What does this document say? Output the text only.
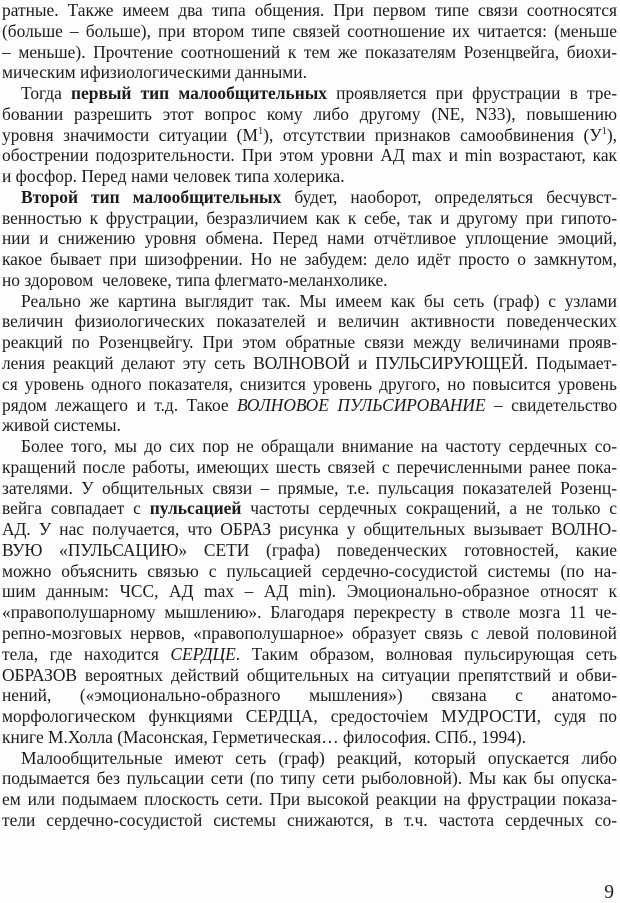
ратные. Также имеем два типа общения. При первом типе связи соотносятся
(больше – больше), при втором типе связей соотношение их читается: (меньше
– меньше). Прочтение соотношений к тем же показателям Розенцвейга, биохи-
мическим ифизиологическими данными.
Тогда первый тип малообщительных проявляется при фрустрации в тре-
бовании разрешить этот вопрос кому либо другому (NE, N33), повышению
уровня значимости ситуации $(М^1)$, отсутствии признаков самообвинения $(У^1)$,
обострении подозрительности. При этом уровни АД max и min возрастают, как
и фосфор. Перед нами человек типа холерика.
Второй тип малообщительных будет, наоборот, определяться бесчувст-
венностью к фрустрации, безразличием как к себе, так и другому при гипото-
нии и снижению уровня обмена. Перед нами отчётливое уплощение эмоций,
какое бывает при шизофрении. Но не забудем: дело идёт просто о замкнутом,
но здоровом  человеке, типа флегмато-меланхолике.
Реально же картина выглядит так. Мы имеем как бы сеть (граф) с узлами
величин физиологических показателей и величин активности поведенческих
реакций по Розенцвейгу. При этом обратные связи между величинами прояв-
ления реакций делают эту сеть ВОЛНОВОЙ и ПУЛЬСИРУЮЩЕЙ. Подымает-
ся уровень одного показателя, снизится уровень другого, но повысится уровень
рядом лежащего и т.д. Такое ВОЛНОВОЕ ПУЛЬСИРОВАНИЕ – свидетельство
живой системы.
Более того, мы до сих пор не обращали внимание на частоту сердечных со-
кращений после работы, имеющих шесть связей с перечисленными ранее пока-
зателями. У общительных связи – прямые, т.е. пульсация показателей Розенц-
вейга совпадает с пульсацией частоты сердечных сокращений, а не только с
АД. У нас получается, что ОБРАЗ рисунка у общительных вызывает ВОЛНО-
ВУЮ «ПУЛЬСАЦИЮ» СЕТИ (графа) поведенческих готовностей, какие
можно объяснить связью с пульсацией сердечно-сосудистой системы (по на-
шим данным: ЧСС, АД max – АД min). Эмоционально-образное относят к
«правополушарному мышлению». Благодаря перекресту в стволе мозга 11 че-
репно-мозговых нервов, «правополушарное» образует связь с левой половиной
тела, где находится СЕРДЦЕ. Таким образом, волновая пульсирующая сеть
ОБРАЗОВ вероятных действий общительных на ситуации препятствий и обви-
нений, («эмоционально-образного мышления») связана с анатомо-
морфологическом функциями СЕРДЦА, средосточіем МУДРОСТИ, судя по
книге М.Холла (Масонская, Герметическая… философия. СПб., 1994).
Малообщительные имеют сеть (граф) реакций, который опускается либо
подымается без пульсации сети (по типу сети рыболовной). Мы как бы опуска-
ем или подымаем плоскость сети. При высокой реакции на фрустрации показа-
тели сердечно-сосудистой системы снижаются, в т.ч. частота сердечных со-
9
